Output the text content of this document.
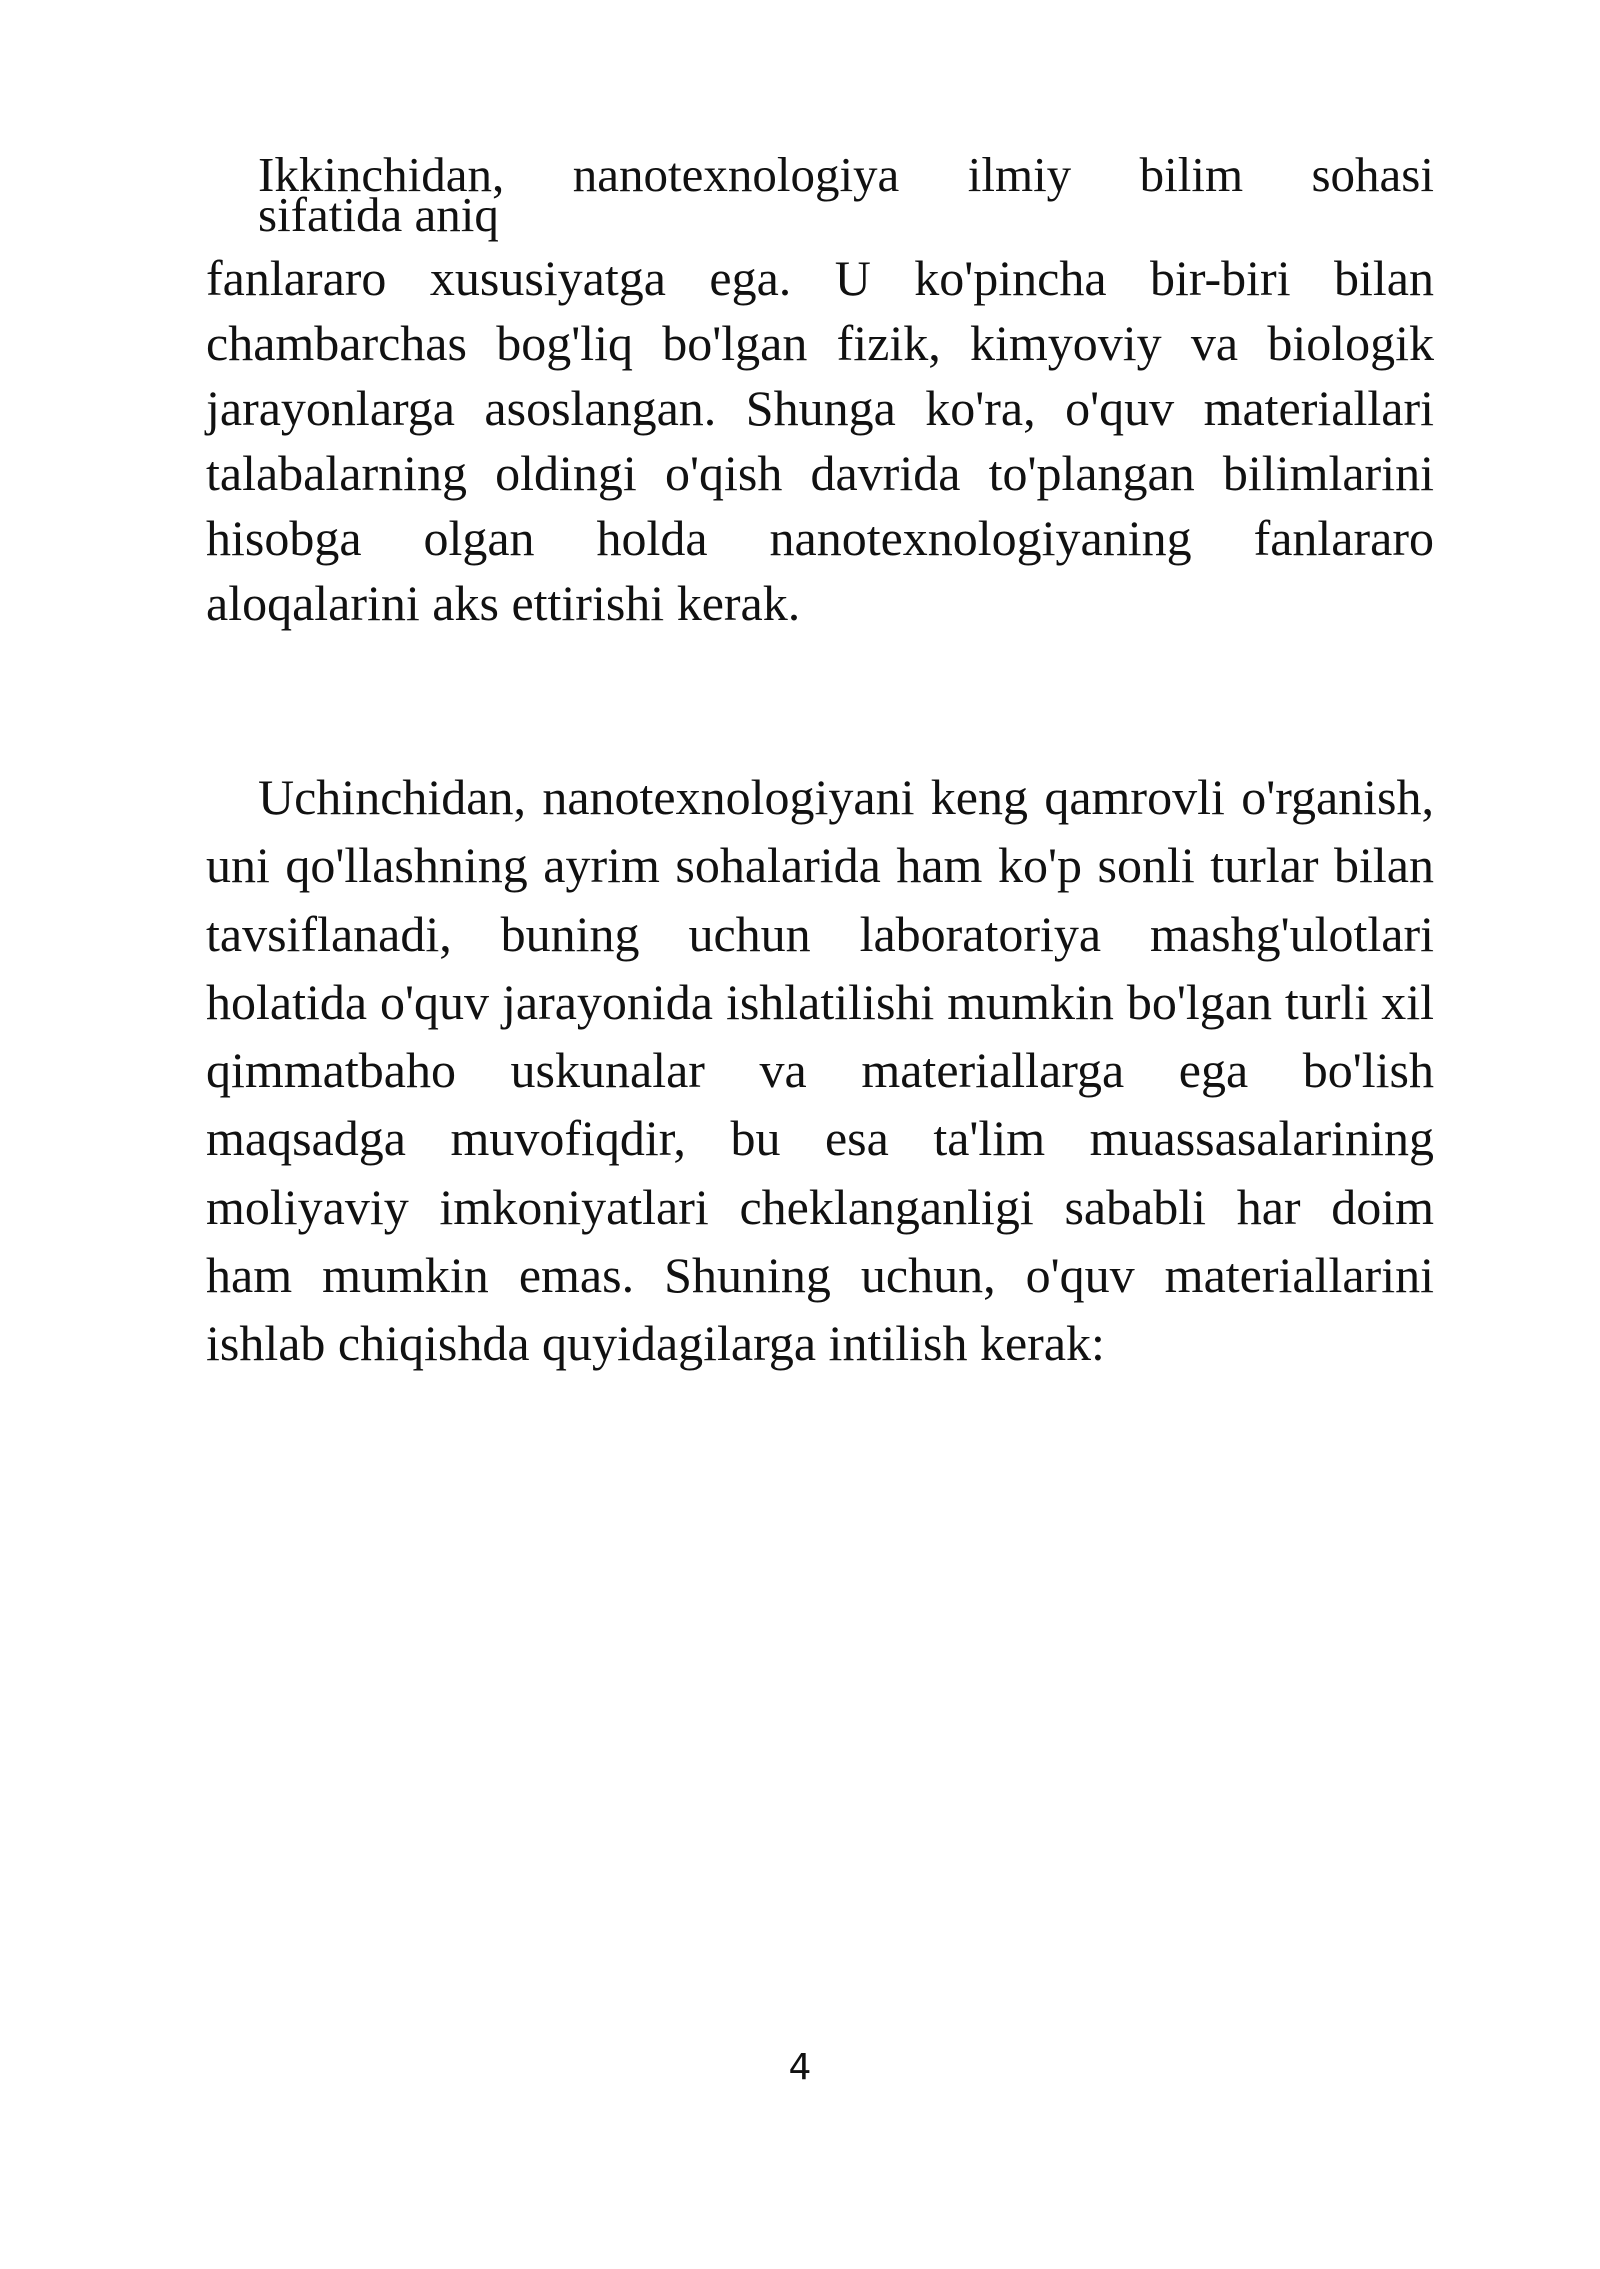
Ikkinchidan, nanotexnologiya ilmiy bilim sohasi
sifatida aniq

fanlararo xususiyatga ega. U ko'pincha bir-biri bilan chambarchas bog'liq bo'lgan fizik, kimyoviy va biologik jarayonlarga asoslangan. Shunga ko'ra, o'quv materiallari talabalarning oldingi o'qish davrida to'plangan bilimlarini hisobga olgan holda nanotexnologiyaning fanlararo aloqalarini aks ettirishi kerak.

Uchinchidan, nanotexnologiyani keng qamrovli o'rganish, uni qo'llashning ayrim sohalarida ham ko'p sonli turlar bilan tavsiflanadi, buning uchun laboratoriya mashg'ulotlari holatida o'quv jarayonida ishlatilishi mumkin bo'lgan turli xil qimmatbaho uskunalar va materiallarga ega bo'lish maqsadga muvofiqdir, bu esa ta'lim muassasalarining moliyaviy imkoniyatlari cheklanganligi sababli har doim ham mumkin emas. Shuning uchun, o'quv materiallarini ishlab chiqishda quyidagilarga intilish kerak:

4
